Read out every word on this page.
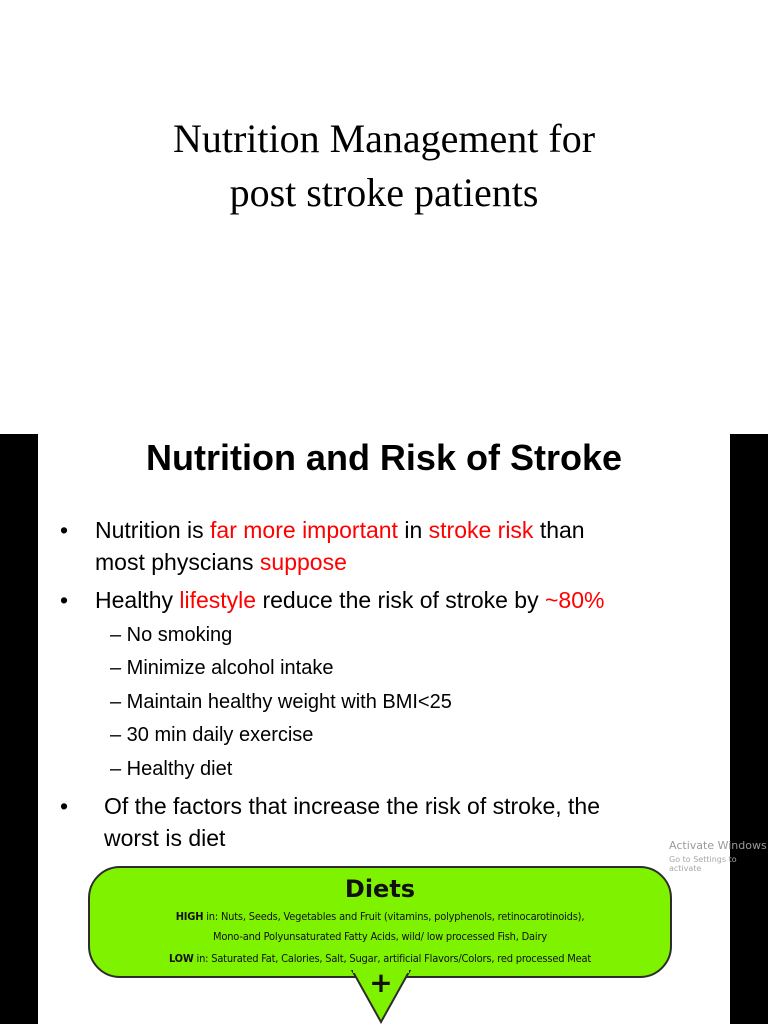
Nutrition Management for
post stroke patients
Nutrition and Risk of Stroke
• Nutrition is far more important in stroke risk than
most physcians suppose
•	Healthy lifestyle reduce the risk of stroke by ~80%
– No smoking
– Minimize alcohol intake
– Maintain healthy weight with BMI<25
– 30 min daily exercise
– Healthy diet
• Of the factors that increase the risk of stroke, the
worst is diet	Activate Windows
Go to Settings to activate
Diets
HIGH in: Nuts, Seeds, Vegetables and Fruit (vitamins, polyphenols, retinocarotinoids),
Mono-and Polyunsaturated Fatty Acids, wild/ low processed Fish, Dairy
LOW in: Saturated Fat, Calories, Salt, Sugar, artificial Flavors/Colors, red processed Meat
+
